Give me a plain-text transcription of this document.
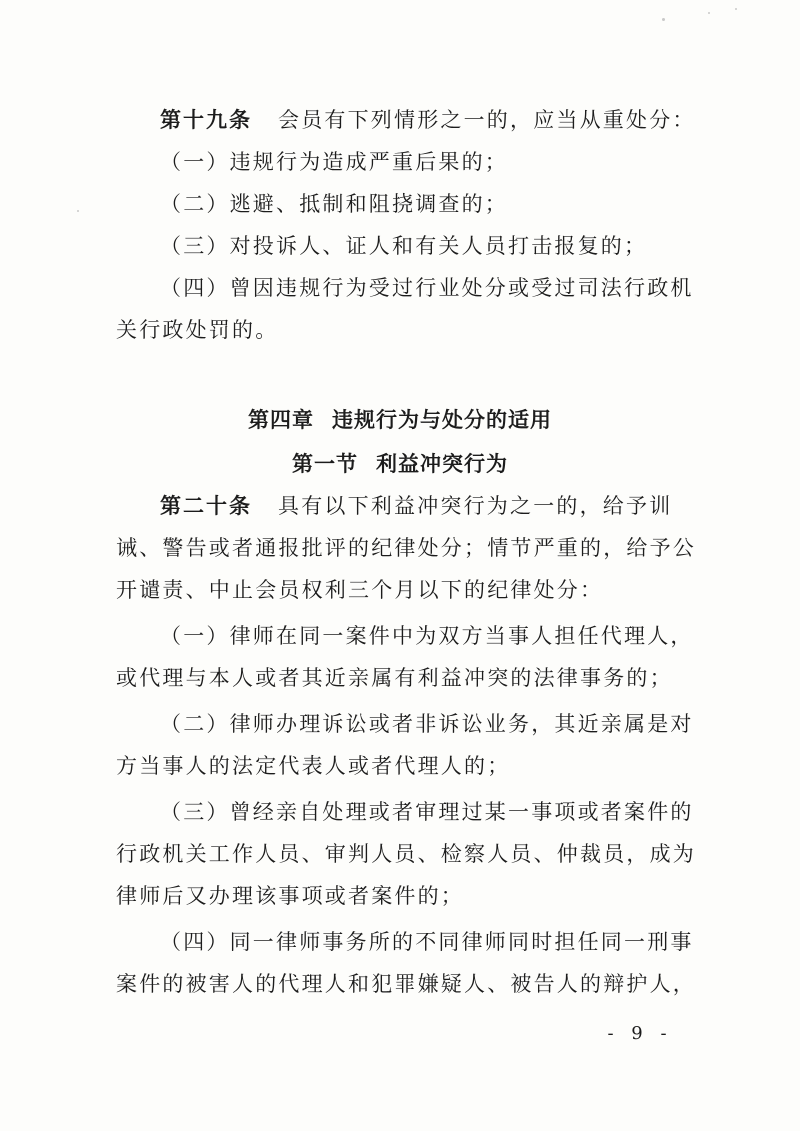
第十九条 会员有下列情形之一的，应当从重处分：
（一）违规行为造成严重后果的；
（二）逃避、抵制和阻挠调查的；
（三）对投诉人、证人和有关人员打击报复的；
（四）曾因违规行为受过行业处分或受过司法行政机
关行政处罚的。
第四章 违规行为与处分的适用
第一节 利益冲突行为
第二十条 具有以下利益冲突行为之一的，给予训
诫、警告或者通报批评的纪律处分；情节严重的，给予公
开谴责、中止会员权利三个月以下的纪律处分：
（一）律师在同一案件中为双方当事人担任代理人，
或代理与本人或者其近亲属有利益冲突的法律事务的；
（二）律师办理诉讼或者非诉讼业务，其近亲属是对
方当事人的法定代表人或者代理人的；
（三）曾经亲自处理或者审理过某一事项或者案件的
行政机关工作人员、审判人员、检察人员、仲裁员，成为
律师后又办理该事项或者案件的；
（四）同一律师事务所的不同律师同时担任同一刑事
案件的被害人的代理人和犯罪嫌疑人、被告人的辩护人，
- 9 -
